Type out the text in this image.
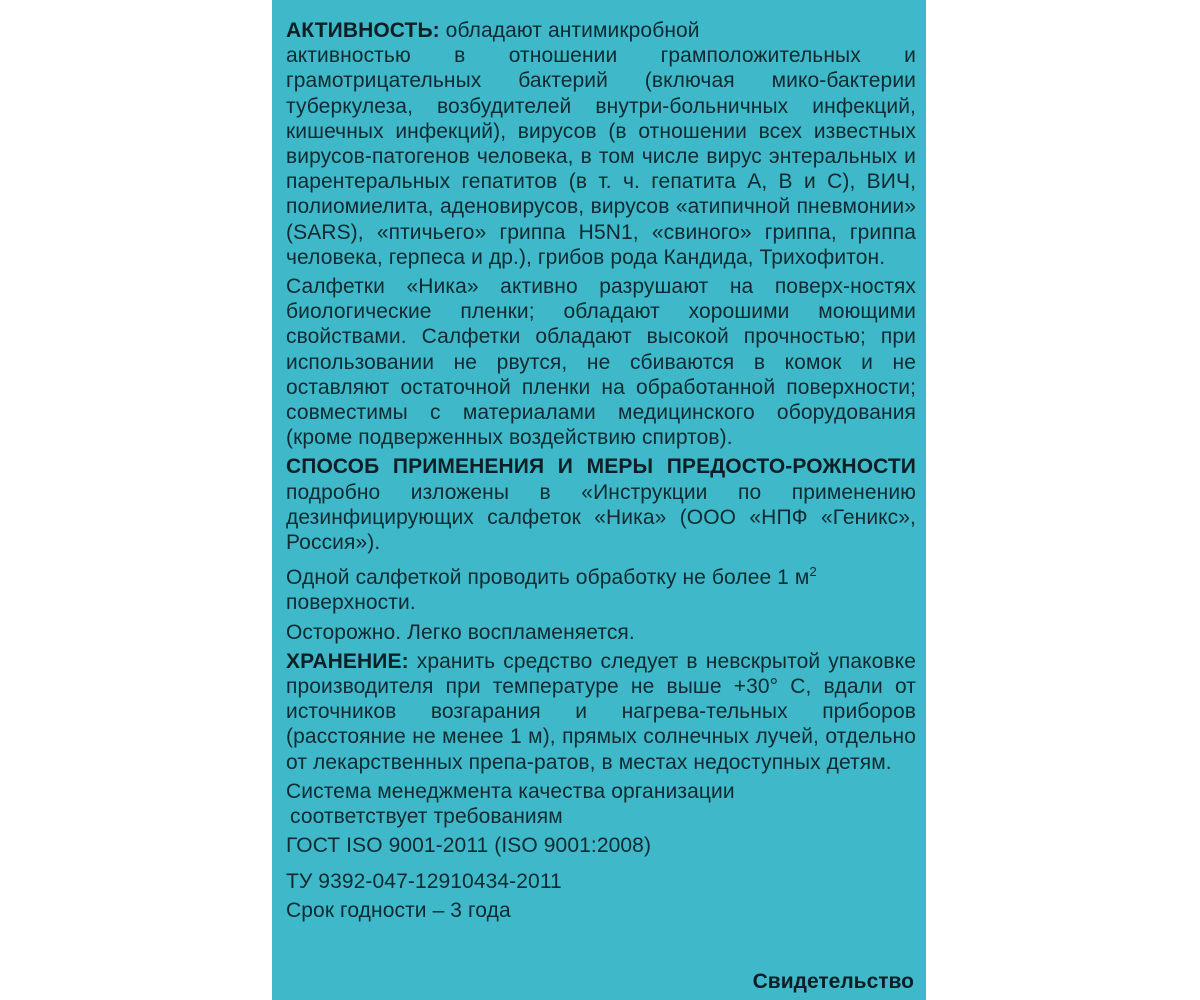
АКТИВНОСТЬ: обладают антимикробной

активностью в отношении грамположительных и грамотрицательных бактерий (включая мико-бактерии туберкулеза, возбудителей внутри-больничных инфекций, кишечных инфекций), вирусов (в отношении всех известных вирусов-патогенов человека, в том числе вирус энтеральных и парентеральных гепатитов (в т. ч. гепатита А, В и С), ВИЧ, полиомиелита, аденовирусов, вирусов «атипичной пневмонии» (SARS), «птичьего» гриппа H5N1, «свиного» гриппа, гриппа человека, герпеса и др.), грибов рода Кандида, Трихофитон.

Салфетки «Ника» активно разрушают на поверх-ностях биологические пленки; обладают хорошими моющими свойствами. Салфетки обладают высокой прочностью; при использовании не рвутся, не сбиваются в комок и не оставляют остаточной пленки на обработанной поверхности; совместимы с материалами медицинского оборудования (кроме подверженных воздействию спиртов).

СПОСОБ ПРИМЕНЕНИЯ И МЕРЫ ПРЕДОСТО-РОЖНОСТИ подробно изложены в «Инструкции по применению дезинфицирующих салфеток «Ника» (ООО «НПФ «Геникс», Россия»).

Одной салфеткой проводить обработку не более 1 $м^2$
поверхности.

Осторожно. Легко воспламеняется.

ХРАНЕНИЕ: хранить средство следует в невскрытой упаковке производителя при температуре не выше +30° С, вдали от источников возгарания и нагрева-тельных приборов (расстояние не менее 1 м), прямых солнечных лучей, отдельно от лекарственных препа-ратов, в местах недоступных детям.

Система менеджмента качества организации

соответствует требованиям

ГОСТ ISO 9001-2011 (ISO 9001:2008)

ТУ 9392-047-12910434-2011

Срок годности – 3 года

Свидетельство
